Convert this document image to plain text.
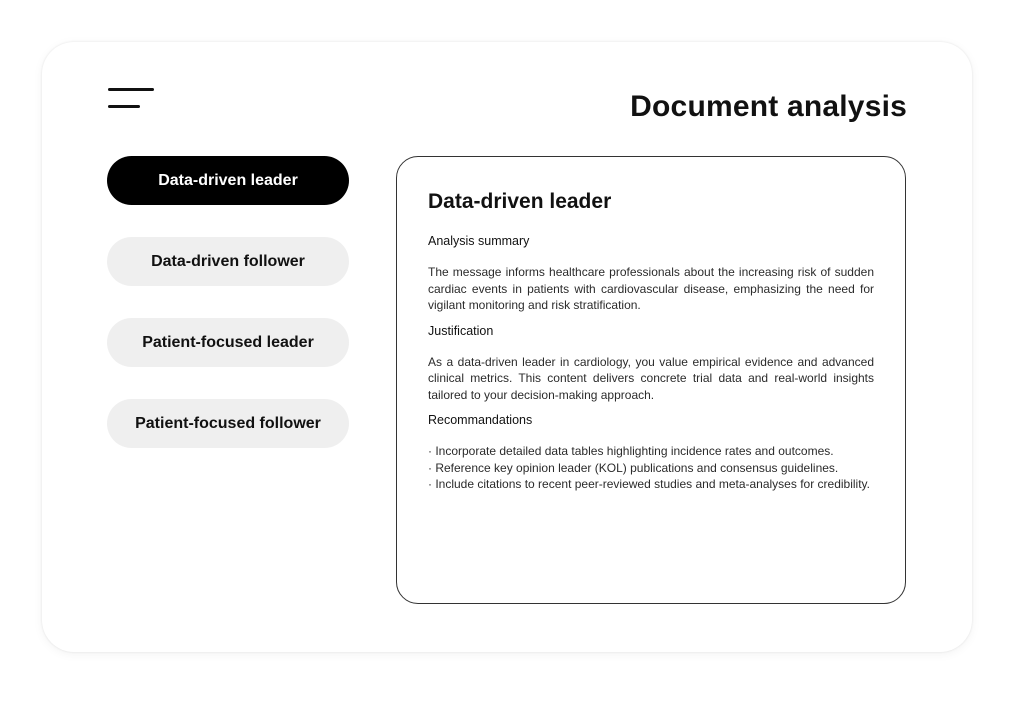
Document analysis
Data-driven leader
Data-driven follower
Patient-focused leader
Patient-focused follower
Data-driven leader
Analysis summary
The message informs healthcare professionals about the increasing risk of sudden cardiac events in patients with cardiovascular disease, emphasizing the need for vigilant monitoring and risk stratification.
Justification
As a data-driven leader in cardiology, you value empirical evidence and advanced clinical metrics. This content delivers concrete trial data and real-world insights tailored to your decision-making approach.
Recommandations
· Incorporate detailed data tables highlighting incidence rates and outcomes.
· Reference key opinion leader (KOL) publications and consensus guidelines.
· Include citations to recent peer-reviewed studies and meta-analyses for credibility.
